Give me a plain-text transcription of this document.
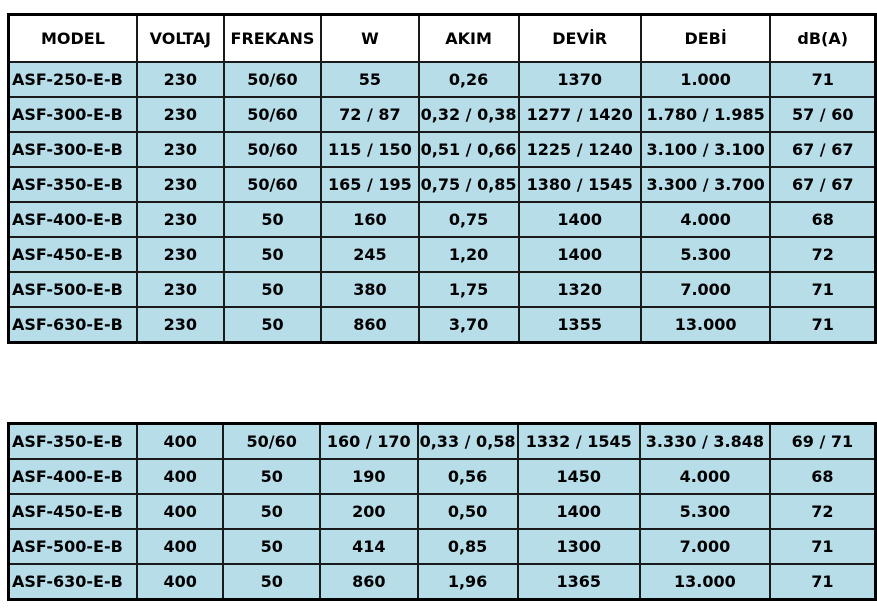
MODEL	VOLTAJ	FREKANS	W	AKIM	DEVİR	DEBİ	dB(A)
ASF-250-E-B	230	50/60	55	0,26	1370	1.000	71
ASF-300-E-B	230	50/60	72 / 87	0,32 / 0,38	1277 / 1420	1.780 / 1.985	57 / 60
ASF-300-E-B	230	50/60	115 / 150	0,51 / 0,66	1225 / 1240	3.100 / 3.100	67 / 67
ASF-350-E-B	230	50/60	165 / 195	0,75 / 0,85	1380 / 1545	3.300 / 3.700	67 / 67
ASF-400-E-B	230	50	160	0,75	1400	4.000	68
ASF-450-E-B	230	50	245	1,20	1400	5.300	72
ASF-500-E-B	230	50	380	1,75	1320	7.000	71
ASF-630-E-B	230	50	860	3,70	1355	13.000	71
ASF-350-E-B	400	50/60	160 / 170	0,33 / 0,58	1332 / 1545	3.330 / 3.848	69 / 71
ASF-400-E-B	400	50	190	0,56	1450	4.000	68
ASF-450-E-B	400	50	200	0,50	1400	5.300	72
ASF-500-E-B	400	50	414	0,85	1300	7.000	71
ASF-630-E-B	400	50	860	1,96	1365	13.000	71
